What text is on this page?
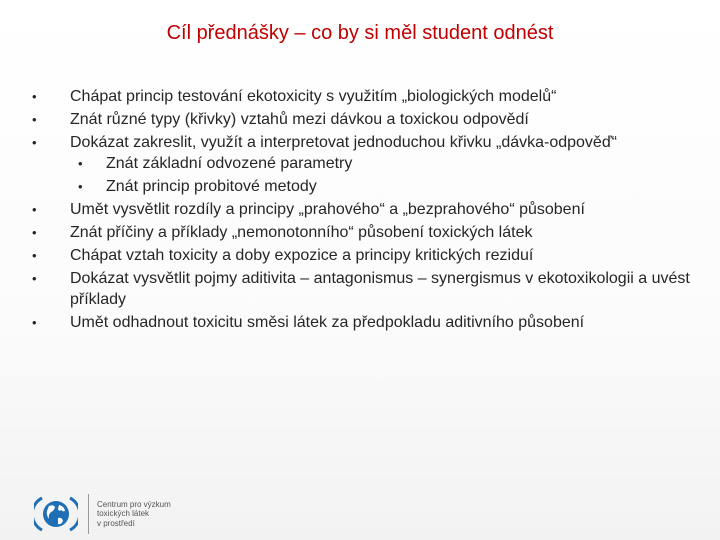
Cíl přednášky – co by si měl student odnést
• Chápat princip testování ekotoxicity s využitím „biologických modelů“
• Znát různé typy (křivky) vztahů mezi dávkou a toxickou odpovědí
• Dokázat zakreslit, využít a interpretovat jednoduchou křivku „dávka-odpověď“
• Znát základní odvozené parametry
• Znát princip probitové metody
• Umět vysvětlit rozdíly a principy „prahového“ a „bezprahového“ působení
• Znát příčiny a příklady „nemonotonního“ působení toxických látek
• Chápat vztah toxicity a doby expozice a principy kritických reziduí
• Dokázat vysvětlit pojmy aditivita – antagonismus – synergismus v ekotoxikologii a uvést příklady
• Umět odhadnout toxicitu směsi látek za předpokladu aditivního působení
Centrum pro výzkum
toxických látek
v prostředí
